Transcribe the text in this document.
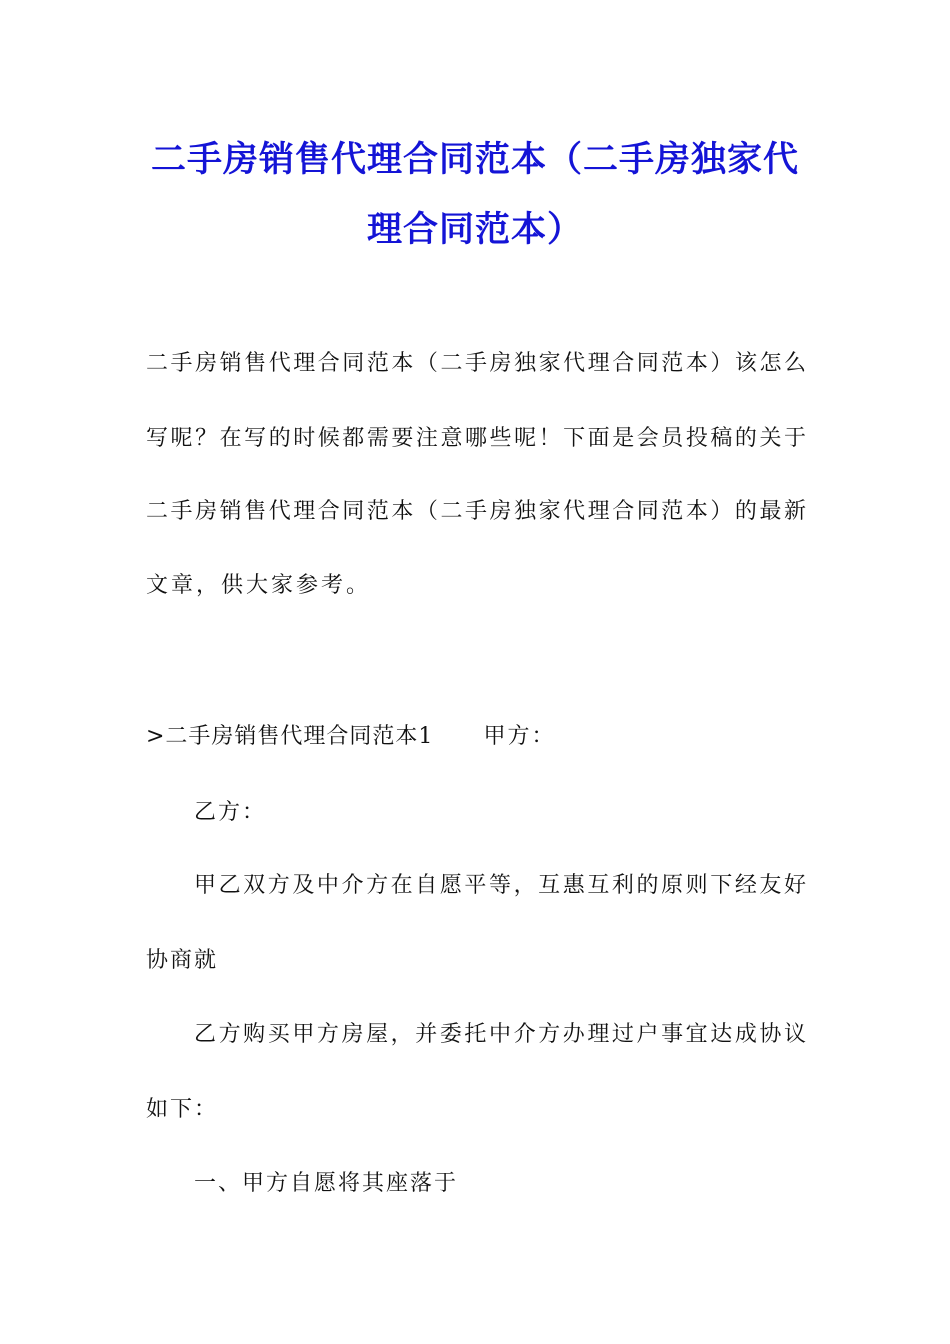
二手房销售代理合同范本（二手房独家代
理合同范本）
二手房销售代理合同范本（二手房独家代理合同范本）该怎么
写呢？在写的时候都需要注意哪些呢！下面是会员投稿的关于
二手房销售代理合同范本（二手房独家代理合同范本）的最新
文章，供大家参考。
>二手房销售代理合同范本1 甲方：
乙方：
甲乙双方及中介方在自愿平等，互惠互利的原则下经友好
协商就
乙方购买甲方房屋，并委托中介方办理过户事宜达成协议
如下：
一、甲方自愿将其座落于
